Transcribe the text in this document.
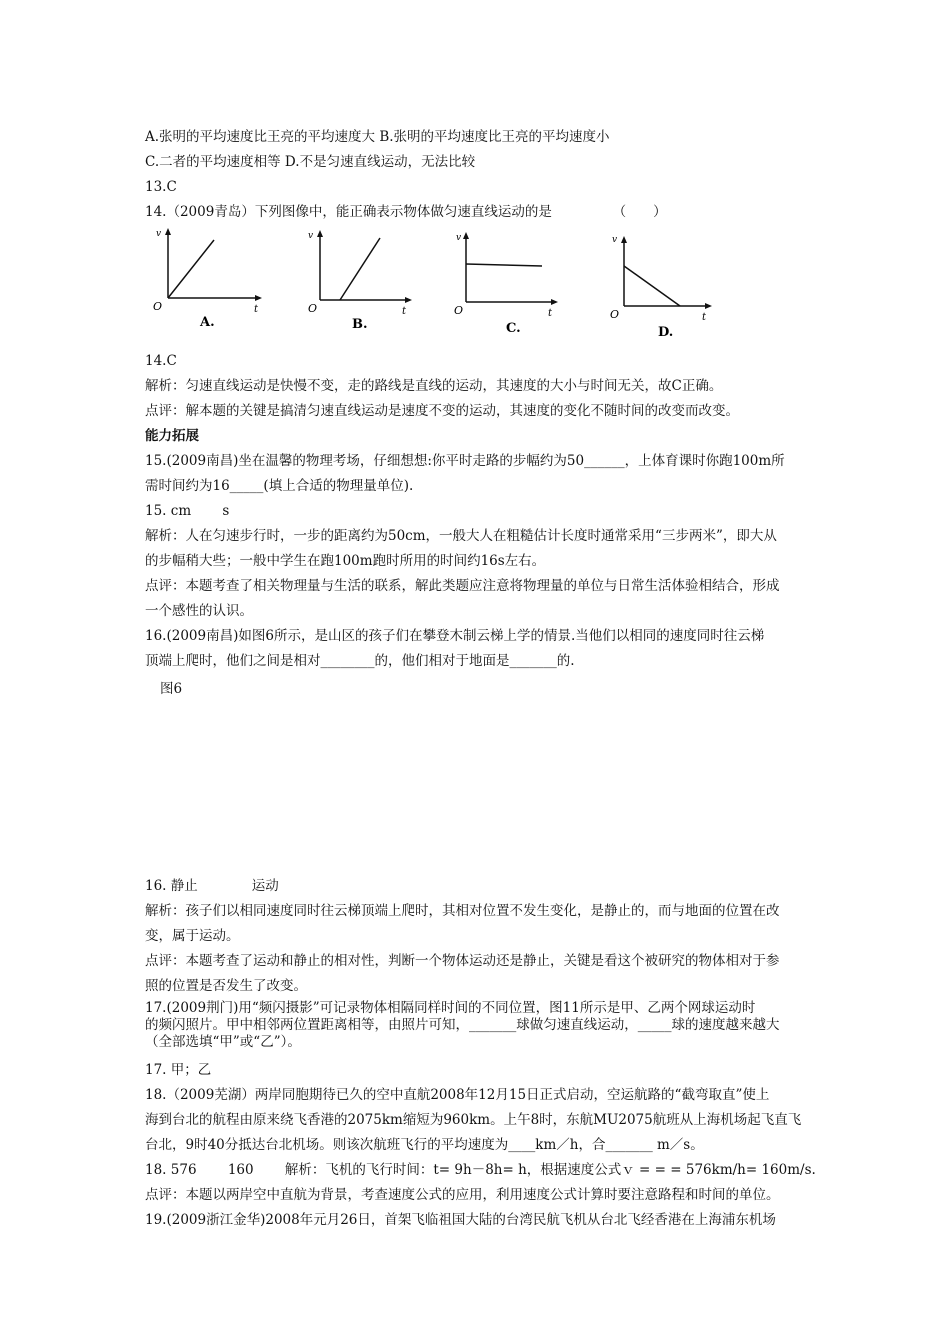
A.张明的平均速度比王亮的平均速度大 B.张明的平均速度比王亮的平均速度小
C.二者的平均速度相等 D.不是匀速直线运动，无法比较
13.C
14.（2009青岛）下列图像中，能正确表示物体做匀速直线运动的是　　　　　（　　）
v
O	t
A.
v
O	t
B.
v
O	t
C.
v
O	t
D.
14.C
解析：匀速直线运动是快慢不变，走的路线是直线的运动，其速度的大小与时间无关，故C正确。
点评：解本题的关键是搞清匀速直线运动是速度不变的运动，其速度的变化不随时间的改变而改变。
能力拓展
15.(2009南昌)坐在温馨的物理考场，仔细想想:你平时走路的步幅约为50______，上体育课时你跑100m所
需时间约为16_____(填上合适的物理量单位).
15. cm 　　s
解析：人在匀速步行时，一步的距离约为50cm，一般大人在粗糙估计长度时通常采用“三步两米”，即大从
的步幅稍大些；一般中学生在跑100m跑时所用的时间约16s左右。
点评：本题考查了相关物理量与生活的联系，解此类题应注意将物理量的单位与日常生活体验相结合，形成
一个感性的认识。
16.(2009南昌)如图6所示，是山区的孩子们在攀登木制云梯上学的情景.当他们以相同的速度同时往云梯
顶端上爬时，他们之间是相对________的，他们相对于地面是_______的.
图6
16. 静止　　　　运动
解析：孩子们以相同速度同时往云梯顶端上爬时，其相对位置不发生变化，是静止的，而与地面的位置在改
变，属于运动。
点评：本题考查了运动和静止的相对性，判断一个物体运动还是静止，关键是看这个被研究的物体相对于参
照的位置是否发生了改变。
17.(2009荆门)用“频闪摄影”可记录物体相隔同样时间的不同位置，图11所示是甲、乙两个网球运动时
的频闪照片。甲中相邻两位置距离相等，由照片可知，_______球做匀速直线运动，_____球的速度越来越大
（全部选填“甲”或“乙”）。
17. 甲；乙
18.（2009芜湖）两岸同胞期待已久的空中直航2008年12月15日正式启动，空运航路的“截弯取直”使上
海到台北的航程由原来绕飞香港的2075km缩短为960km。上午8时，东航MU2075航班从上海机场起飞直飞
台北，9时40分抵达台北机场。则该次航班飞行的平均速度为____km／h，合_______ m／s。
18. 576 　　160 　　解析：飞机的飞行时间：t= 9h－8h= h，根据速度公式ｖ = = = 576km/h= 160m/s.
点评：本题以两岸空中直航为背景，考查速度公式的应用，利用速度公式计算时要注意路程和时间的单位。
19.(2009浙江金华)2008年元月26日，首架飞临祖国大陆的台湾民航飞机从台北飞经香港在上海浦东机场
